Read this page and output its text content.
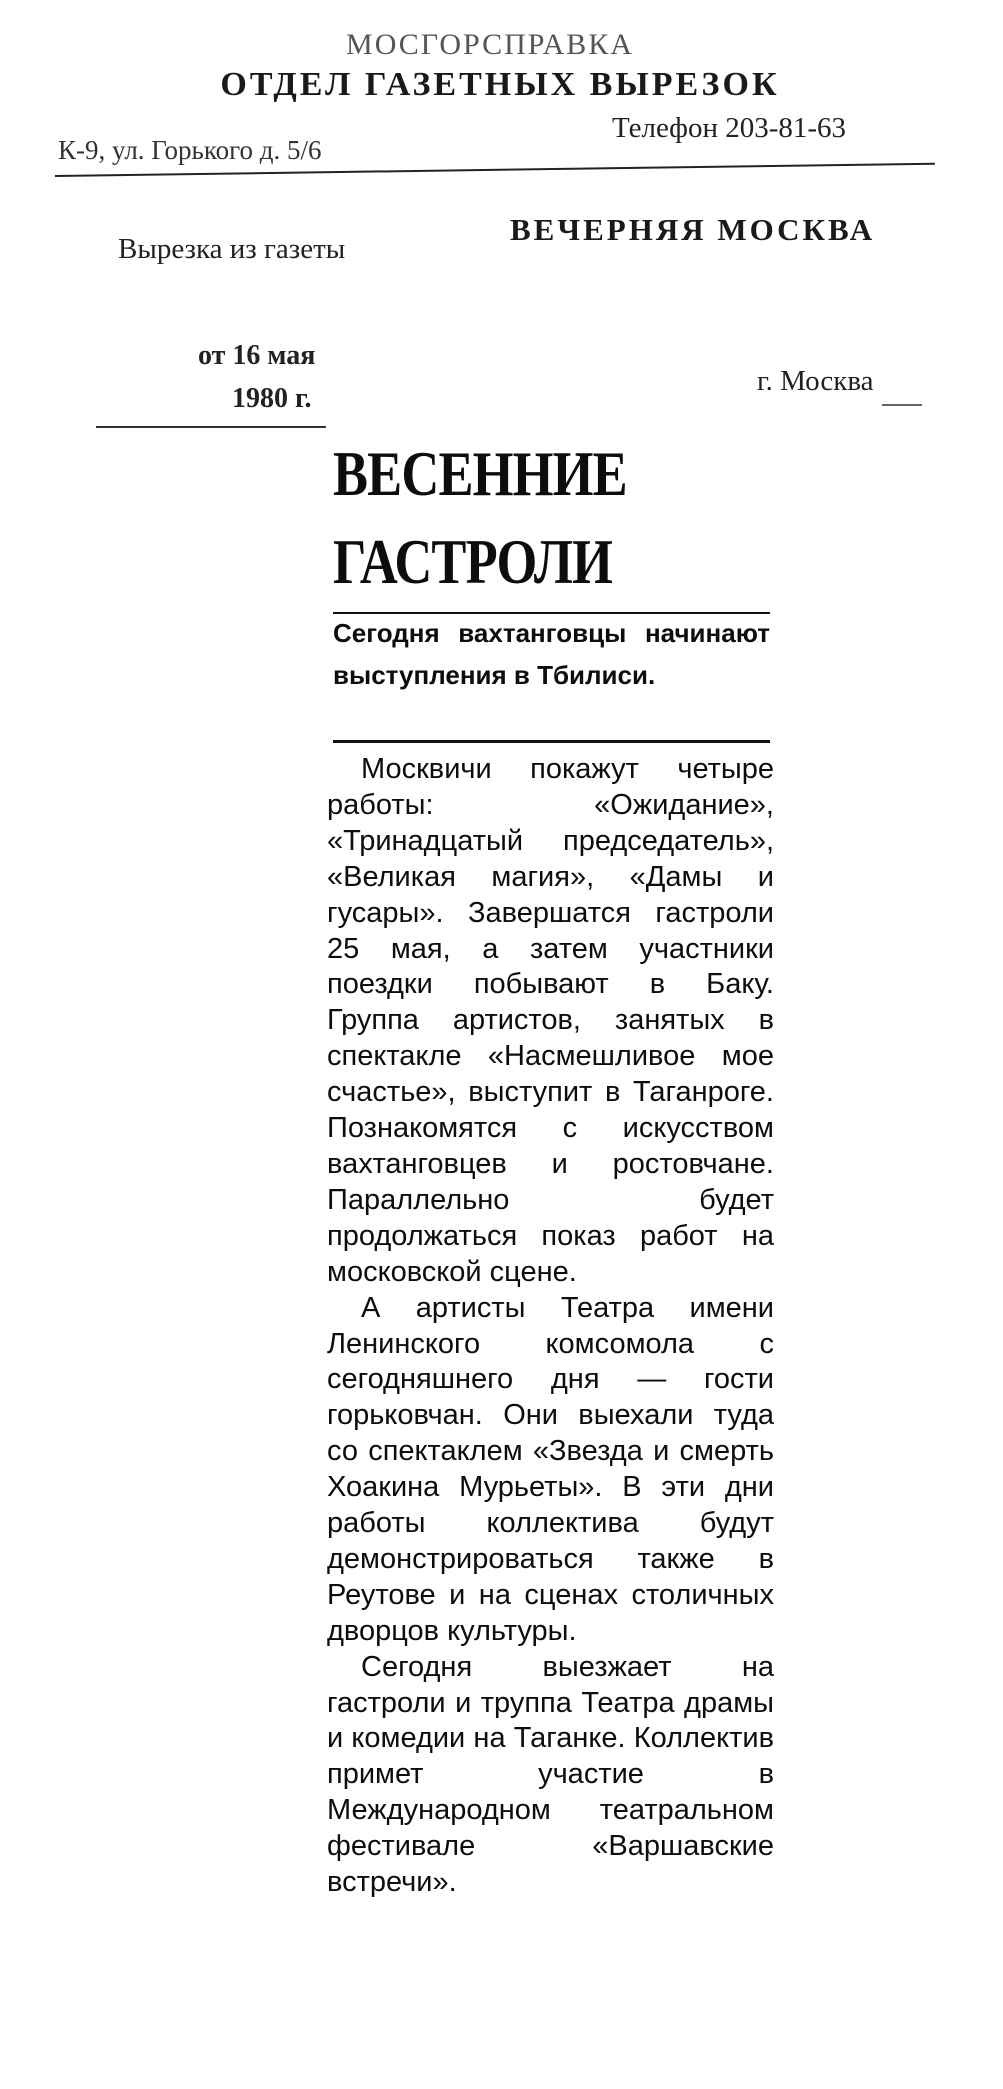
МОСГОРСПРАВКА
ОТДЕЛ ГАЗЕТНЫХ ВЫРЕЗОК
К-9, ул. Горького д. 5/6
Телефон 203-81-63
Вырезка из газеты
ВЕЧЕРНЯЯ МОСКВА
от 16 мая
1980 г.
г. Москва
ВЕСЕННИЕ ГАСТРОЛИ
Сегодня вахтанговцы начинают выступления в Тбилиси.

Москвичи покажут четыре работы: «Ожидание», «Тринадцатый председатель», «Великая магия», «Дамы и гусары». Завершатся гастроли 25 мая, а затем участники поездки побывают в Баку. Группа артистов, занятых в спектакле «Насмешливое мое счастье», выступит в Таганроге. Познакомятся с искусством вахтанговцев и ростовчане. Параллельно будет продолжаться показ работ на московской сцене.

А артисты Театра имени Ленинского комсомола с сегодняшнего дня — гости горьковчан. Они выехали туда со спектаклем «Звезда и смерть Хоакина Мурьеты». В эти дни работы коллектива будут демонстрироваться также в Реутове и на сценах столичных дворцов культуры.

Сегодня выезжает на гастроли и труппа Театра драмы и комедии на Таганке. Коллектив примет участие в Международном театральном фестивале «Варшавские встречи».
